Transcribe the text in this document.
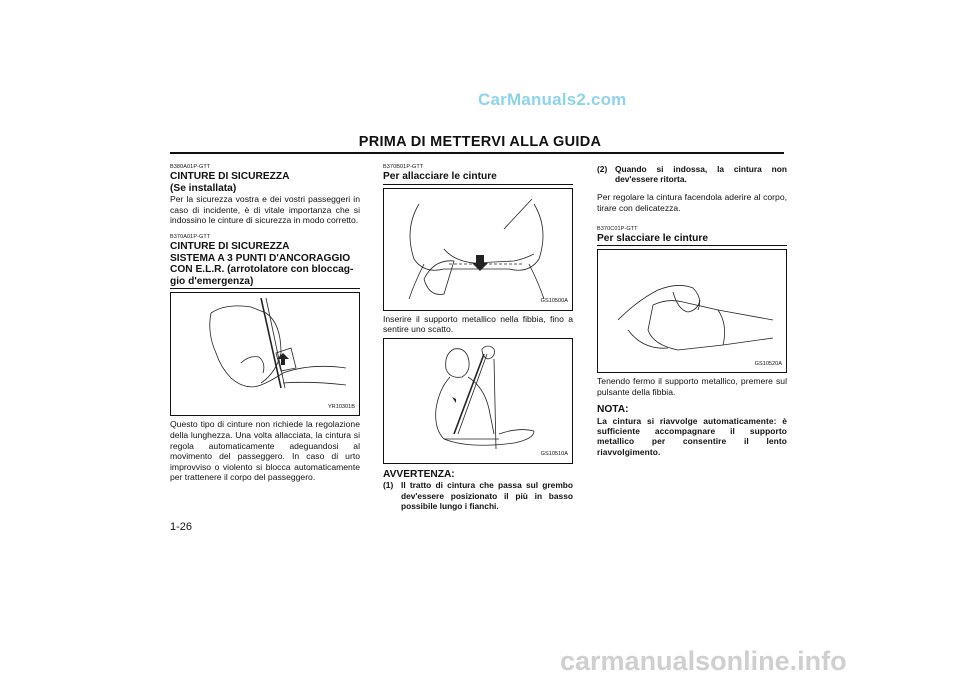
CarManuals2.com
carmanualsonline.info
PRIMA DI METTERVI ALLA GUIDA
B380A01P-GTT
CINTURE DI SICUREZZA
(Se installata)

Per la sicurezza vostra e dei vostri passeggeri in caso di incidente, è di vitale importanza che si indossino le cinture di sicurezza in modo corretto.

B370A01P-GTT
CINTURE DI SICUREZZA
SISTEMA A 3 PUNTI D'ANCORAGGIO CON E.L.R. (arrotolatore con bloccag- gio d'emergenza)
YR10301B

Questo tipo di cinture non richiede la regolazione della lunghezza. Una volta allacciata, la cintura si regola automaticamente adeguandosi al movimento del passeggero. In caso di urto improvviso o violento si blocca automaticamente per trattenere il corpo del passeggero.

B370B01P-GTT
Per allacciare le cinture
GS10500A

Inserire il supporto metallico nella fibbia, fino a sentire uno scatto.

GS10510A
AVVERTENZA:
(1) Il tratto di cintura che passa sul grembo dev'essere posizionato il più in basso possibile lungo i fianchi.
(2) Quando si indossa, la cintura non dev'essere ritorta.

Per regolare la cintura facendola aderire al corpo, tirare con delicatezza.

B370C01P-GTT
Per slacciare le cinture
GS10520A

Tenendo fermo il supporto metallico, premere sul pulsante della fibbia.

NOTA:

La cintura si riavvolge automaticamente: è sufficiente accompagnare il supporto metallico per consentire il lento riavvolgimento.

1-26
